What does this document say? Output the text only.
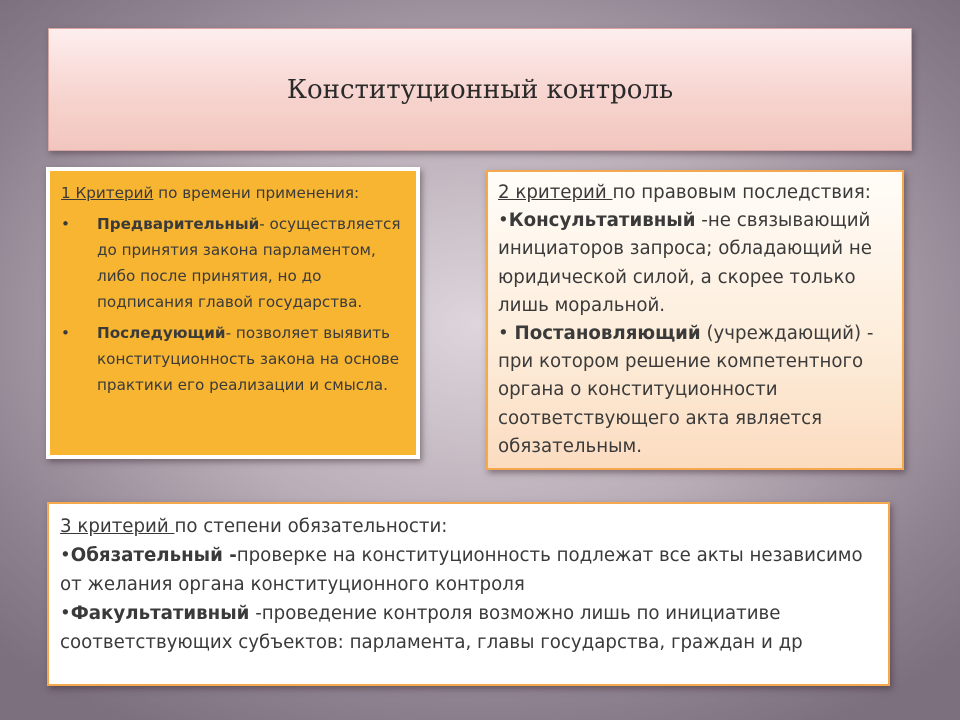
Конституционный контроль
1 Критерий по времени применения:
• Предварительный- осуществляется до принятия закона парламентом, либо после принятия, но до подписания главой государства.
• Последующий- позволяет выявить конституционность закона на основе практики его реализации и смысла.
2 критерий по правовым последствия:
•Консультативный -не связывающий инициаторов запроса; обладающий не юридической силой, а скорее только лишь моральной.
• Постановляющий (учреждающий) - при котором решение компетентного органа о конституционности соответствующего акта является обязательным.
3 критерий по степени обязательности:
•Обязательный -проверке на конституционность подлежат все акты независимо от желания органа конституционного контроля
•Факультативный -проведение контроля возможно лишь по инициативе соответствующих субъектов: парламента, главы государства, граждан и др
